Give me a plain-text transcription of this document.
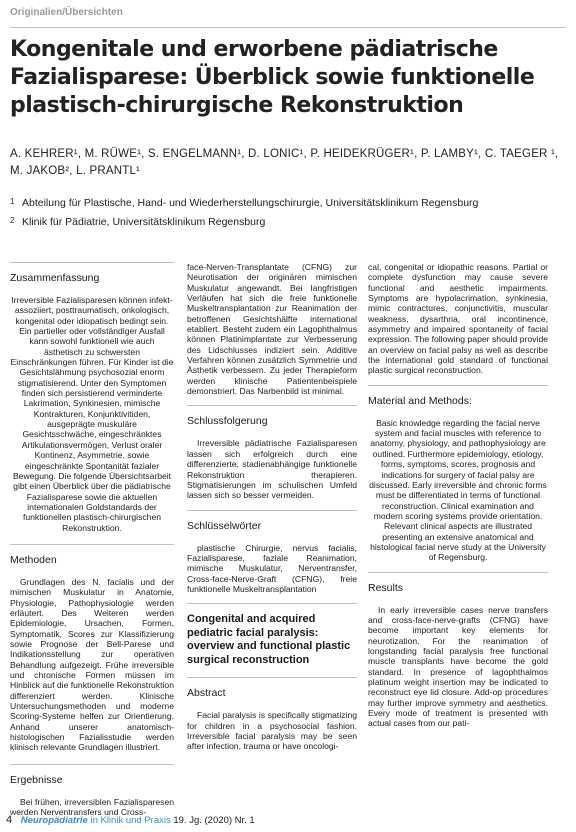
Originalien/Übersichten
Kongenitale und erworbene pädiatrische
Fazialisparese: Überblick sowie funktionelle
plastisch-chirurgische Rekonstruktion

A. KEHRER¹, M. RÜWE¹, S. ENGELMANN¹, D. LONIC¹, P. HEIDEKRÜGER¹, P. LAMBY¹, C. TAEGER ¹,
M. JAKOB², L. PRANTL¹

1 Abteilung für Plastische, Hand- und Wiederherstellungschirurgie, Universitätsklinikum Regensburg
2 Klinik für Pädiatrie, Universitätsklinikum Regensburg
Zusammenfassung

Irreversible Fazialisparesen können infekt-assoziiert, posttraumatisch, onkologisch, kongenital oder idiopatisch bedingt sein. Ein partieller oder vollständiger Ausfall kann sowohl funktionell wie auch ästhetisch zu schwersten Einschränkungen führen. Für Kinder ist die Gesichtslähmung psychosozial enorm stigmatisierend. Unter den Symptomen finden sich persistierend verminderte Lakrimation, Synkinesien, mimische Kontrakturen, Konjunktivitiden, ausgeprägte muskuläre Gesichtsschwäche, eingeschränktes Artikulationsvermögen, Verlust oraler Kontinenz, Asymmetrie, sowie eingeschränkte Spontanität fazialer Bewegung. Die folgende Übersichtsarbeit gibt einen Überblick über die pädiatrische Fazialisparese sowie die aktuellen internationalen Goldstandards der funktionellen plastisch-chirurgischen Rekonstruktion.

Methoden

Grundlagen des N. facialis und der mimischen Muskulatur in Anatomie, Physiologie, Pathophysiologie werden erläutert. Des Weiteren werden Epidemiologie, Ursachen, Formen, Symptomatik, Scores zur Klassifizierung sowie Prognose der Bell-Parese und Indikationsstellung zur operativen Behandlung aufgezeigt. Frühe irreversible und chronische Formen müssen im Hinblick auf die funktionelle Rekonstruktion differenziert werden. Klinische Untersuchungsmethoden und moderne Scoring-Systeme helfen zur Orientierung. Anhand unserer anatomisch-histologischen Fazialisstudie werden klinisch relevante Grundlagen illustriert.

Ergebnisse

Bei frühen, irreversiblen Fazialisparesen werden Nerventransfers und Cross-

face-Nerven-Transplantate (CFNG) zur Neurotisation der originären mimischen Muskulatur angewandt. Bei langfristigen Verläufen hat sich die freie funktionelle Muskeltransplantation zur Reanimation der betroffenen Gesichtshälfte international etabliert. Besteht zudem ein Lagophthalmus können Platinimplantate zur Verbesserung des Lidschlusses indiziert sein. Additive Verfahren können zusätzlich Symmetrie und Ästhetik verbessern. Zu jeder Therapieform werden klinische Patientenbeispiele demonstriert. Das Narbenbild ist minimal.

Schlussfolgerung

Irreversible pädiatrische Fazialisparesen lassen sich erfolgreich durch eine differenzierte, stadienabhängige funktionelle Rekonstruktion therapieren. Stigmatisierungen im schulischen Umfeld lassen sich so besser vermeiden.

Schlüsselwörter

plastische Chirurgie, nervus facialis, Fazialisparese, faziale Reanimation, mimische Muskulatur, Nerventransfer, Cross-face-Nerve-Graft (CFNG), freie funktionelle Muskeltransplantation

Congenital and acquired pediatric facial paralysis: overview and functional plastic surgical reconstruction
Abstract

Facial paralysis is specifically stigmatizing for children in a psychosocial fashion. Irreversible facial paralysis may be seen after infection, trauma or have oncologi-

cal, congenital or idiopathic reasons. Partial or complete dysfunction may cause severe functional and aesthetic impairments. Symptoms are hypolacrimation, synkinesia, mimic contractures, conjunctivitis, muscular weakness, dysarthria, oral incontinence, asymmetry and impaired spontaneity of facial expression. The following paper should provide an overview on facial palsy as well as describe the international gold standard of functional plastic surgical reconstruction.

Material and Methods:

Basic knowledge regarding the facial nerve system and facial muscles with reference to anatomy, physiology, and pathophysiology are outlined. Furthermore epidemiology, etiology, forms, symptoms, scores, prognosis and indications for surgery of facial palsy are discussed. Early irreversible and chronic forms must be differentiated in terms of functional reconstruction. Clinical examination and modern scoring systems provide orientation. Relevant clinical aspects are illustrated presenting an extensive anatomical and histological facial nerve study at the University of Regensburg.

Results

In early irreversible cases nerve transfers and cross-face-nerve-grafts (CFNG) have become important key elements for neurotization. For the reanimation of longstanding facial paralysis free functional muscle transplants have become the gold standard. In presence of lagophthalmos platinum weight insertion may be indicated to reconstruct eye lid closure. Add-op procedures may further improve symmetry and aesthetics. Every mode of treatment is presented with actual cases from our pati-

4 Neuropädiatrie in Klinik und Praxis 19. Jg. (2020) Nr. 1
